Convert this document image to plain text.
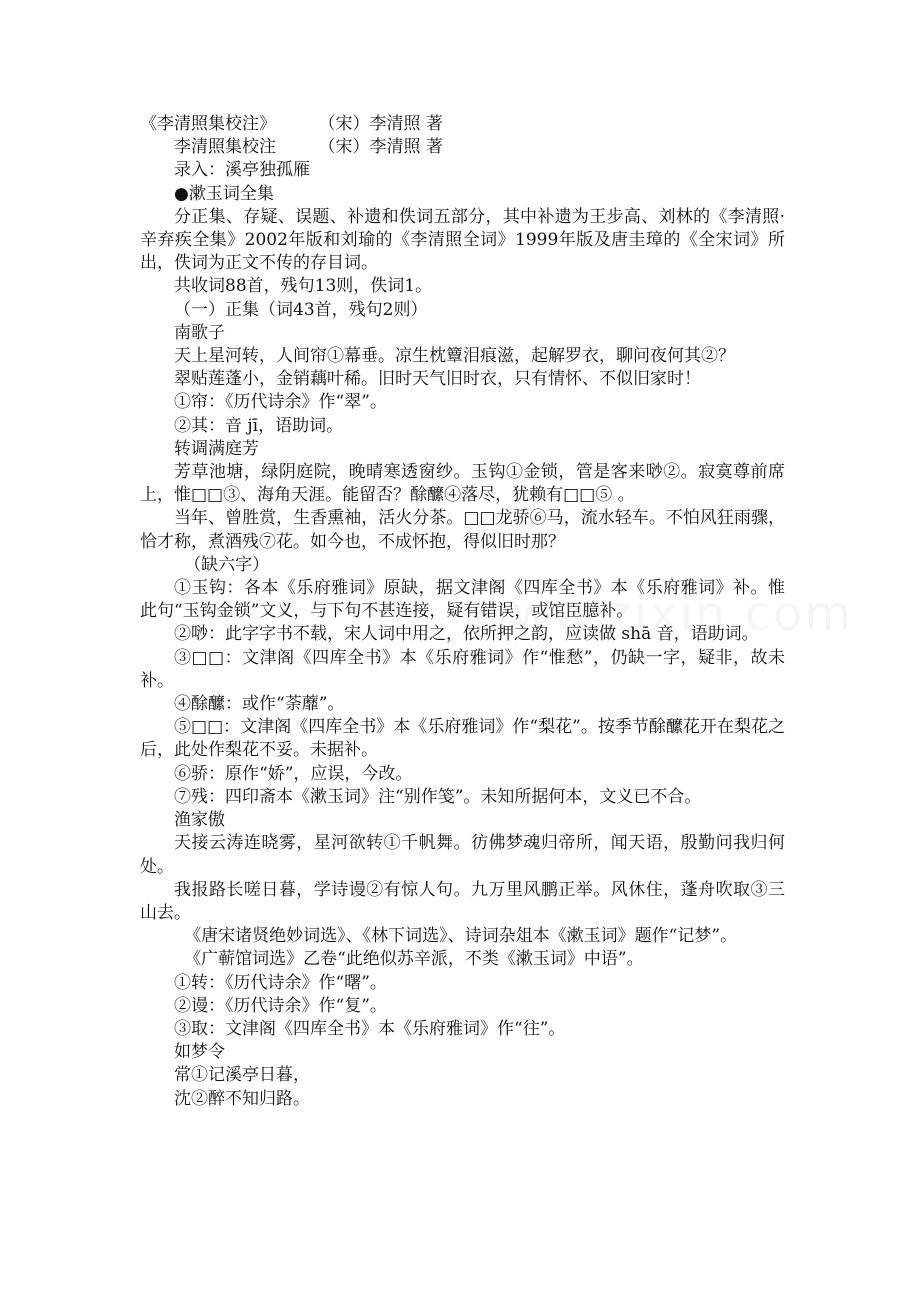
《李清照集校注》	（宋）李清照 著

李清照集校注	（宋）李清照 著

录入：溪亭独孤雁

●漱玉词全集

分正集、存疑、误题、补遗和佚词五部分，其中补遗为王步高、刘林的《李清照·辛弃疾全集》2002年版和刘瑜的《李清照全词》1999年版及唐圭璋的《全宋词》所出，佚词为正文不传的存目词。

共收词88首，残句13则，佚词1。

（一）正集（词43首，残句2则）

南歌子

天上星河转，人间帘①幕垂。凉生枕簟泪痕滋，起解罗衣，聊问夜何其②？

翠贴莲蓬小，金销藕叶稀。旧时天气旧时衣，只有情怀、不似旧家时！

①帘：《历代诗余》作“翠”。

②其：音 jī，语助词。

转调满庭芳

芳草池塘，绿阴庭院，晚晴寒透窗纱。玉钩①金锁，管是客来唦②。寂寞尊前席上，惟□□③、海角天涯。能留否？酴醿④落尽，犹赖有□□⑤ 。

当年、曾胜赏，生香熏袖，活火分茶。□□龙骄⑥马，流水轻车。不怕风狂雨骤，恰才称，煮酒残⑦花。如今也，不成怀抱，得似旧时那？

（缺六字）

①玉钩：各本《乐府雅词》原缺，据文津阁《四库全书》本《乐府雅词》补。惟此句“玉钩金锁”文义，与下句不甚连接，疑有错误，或馆臣臆补。

②唦：此字字书不载，宋人词中用之，依所押之韵，应读做 shā 音，语助词。

③□□：文津阁《四库全书》本《乐府雅词》作“惟愁”，仍缺一字，疑非，故未补。

④酴醿：或作“荼蘼”。

⑤□□：文津阁《四库全书》本《乐府雅词》作“梨花”。按季节酴醿花开在梨花之后，此处作梨花不妥。未据补。

⑥骄：原作“娇”，应误，今改。

⑦残：四印斋本《漱玉词》注“别作笺”。未知所据何本，文义已不合。

渔家傲

天接云涛连晓雾，星河欲转①千帆舞。彷佛梦魂归帝所，闻天语，殷勤问我归何处。

我报路长嗟日暮，学诗谩②有惊人句。九万里风鹏正举。风休住，蓬舟吹取③三山去。

《唐宋诸贤绝妙词选》、《林下词选》、诗词杂俎本《漱玉词》题作“记梦”。

《广蕲馆词选》乙卷“此绝似苏辛派，不类《漱玉词》中语”。

①转：《历代诗余》作“曙”。

②谩：《历代诗余》作“复”。

③取：文津阁《四库全书》本《乐府雅词》作“往”。

如梦令

常①记溪亭日暮，

沈②醉不知归路。
